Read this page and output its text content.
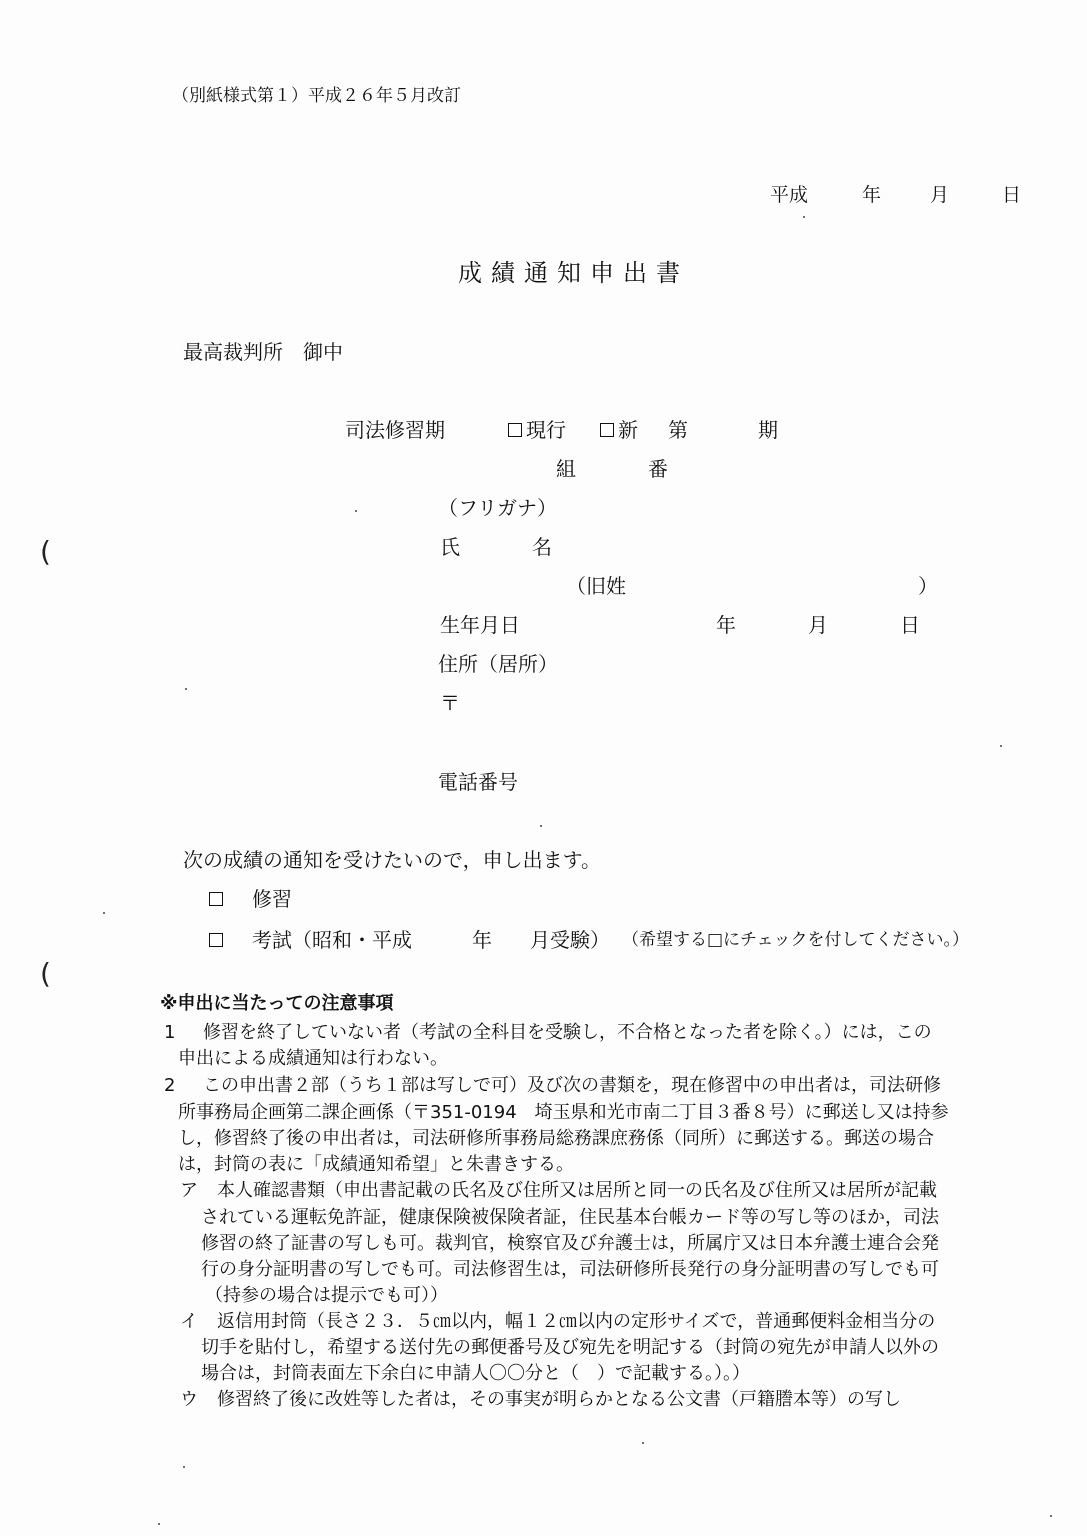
（別紙様式第１）平成２６年５月改訂
平成	年	月	日
成績通知申出書
最高裁判所　御中
司法修習期	現行	新 第	期
組	番
（フリガナ）
氏	名
（旧姓	）
生年月日	年	月	日
住所（居所）
〒
電話番号
次の成績の通知を受けたいので，申し出ます。
修習
考試（昭和・平成	年 月受験） （希望する□にチェックを付してください。）
※申出に当たっての注意事項
1 修習を終了していない者（考試の全科目を受験し，不合格となった者を除く。）には，この
申出による成績通知は行わない。
2 この申出書２部（うち１部は写しで可）及び次の書類を，現在修習中の申出者は，司法研修
所事務局企画第二課企画係（〒351-0194　埼玉県和光市南二丁目３番８号）に郵送し又は持参
し，修習終了後の申出者は，司法研修所事務局総務課庶務係（同所）に郵送する。郵送の場合
は，封筒の表に「成績通知希望」と朱書きする。
ア 本人確認書類（申出書記載の氏名及び住所又は居所と同一の氏名及び住所又は居所が記載
されている運転免許証，健康保険被保険者証，住民基本台帳カード等の写し等のほか，司法
修習の終了証書の写しも可。裁判官，検察官及び弁護士は，所属庁又は日本弁護士連合会発
行の身分証明書の写しでも可。司法修習生は，司法研修所長発行の身分証明書の写しでも可
（持参の場合は提示でも可））
イ 返信用封筒（長さ２３．５㎝以内，幅１２㎝以内の定形サイズで，普通郵便料金相当分の
切手を貼付し，希望する送付先の郵便番号及び宛先を明記する（封筒の宛先が申請人以外の
場合は，封筒表面左下余白に申請人〇〇分と（　）で記載する。）。）
ウ 修習終了後に改姓等した者は，その事実が明らかとなる公文書（戸籍謄本等）の写し
(
(
